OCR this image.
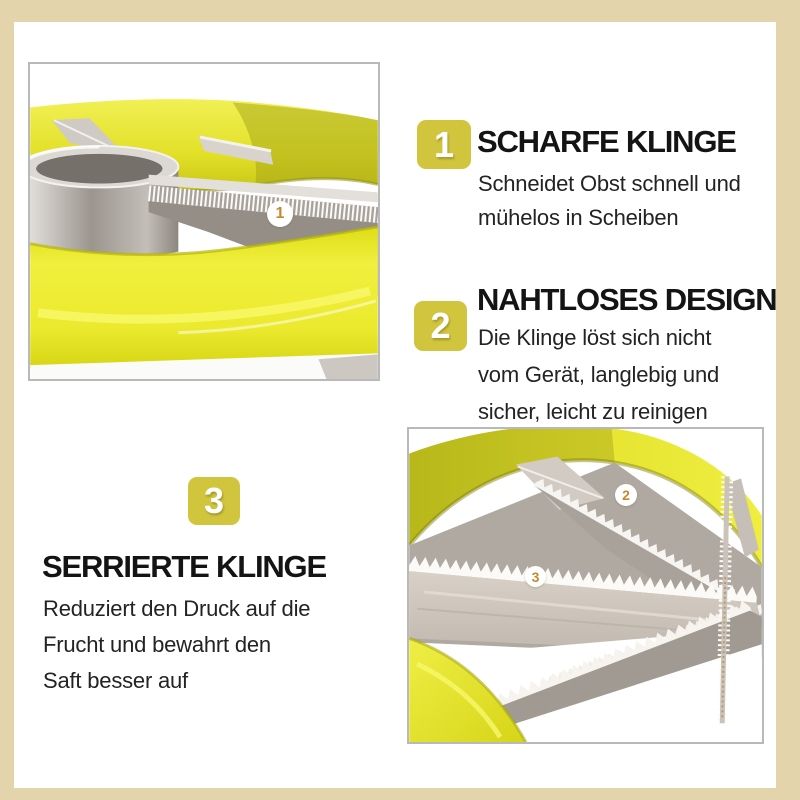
1
1 SCHARFE KLINGE
Schneidet Obst schnell und
mühelos in Scheiben
2
NAHTLOSES DESIGN
Die Klinge löst sich nicht
vom Gerät, langlebig und
sicher, leicht zu reinigen
3
SERRIERTE KLINGE
Reduziert den Druck auf die
Frucht und bewahrt den
Saft besser auf
2
3
